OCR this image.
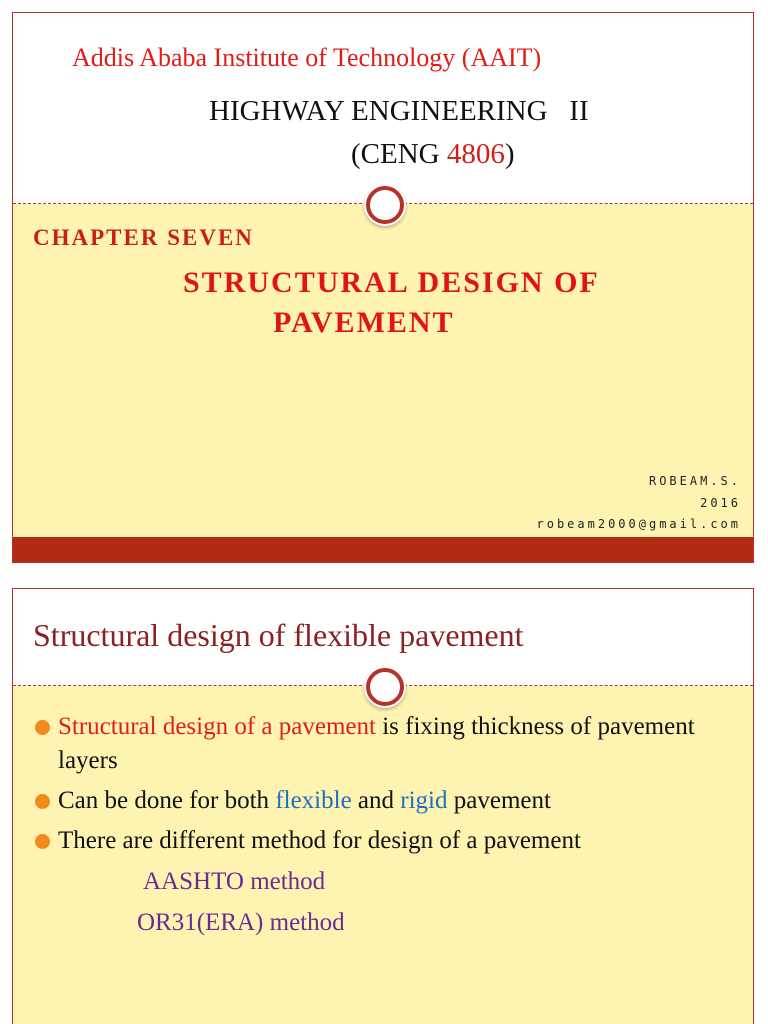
Addis Ababa Institute of Technology (AAIT)
HIGHWAY ENGINEERING   II
(CENG 4806)
CHAPTER SEVEN
STRUCTURAL DESIGN OF
PAVEMENT
ROBEAM.S.
2016
robeam2000@gmail.com
Structural design of flexible pavement
Structural design of a pavement is fixing thickness of pavement layers
Can be done for both flexible and rigid pavement
There are different method for design of a pavement
AASHTO method
OR31(ERA) method
